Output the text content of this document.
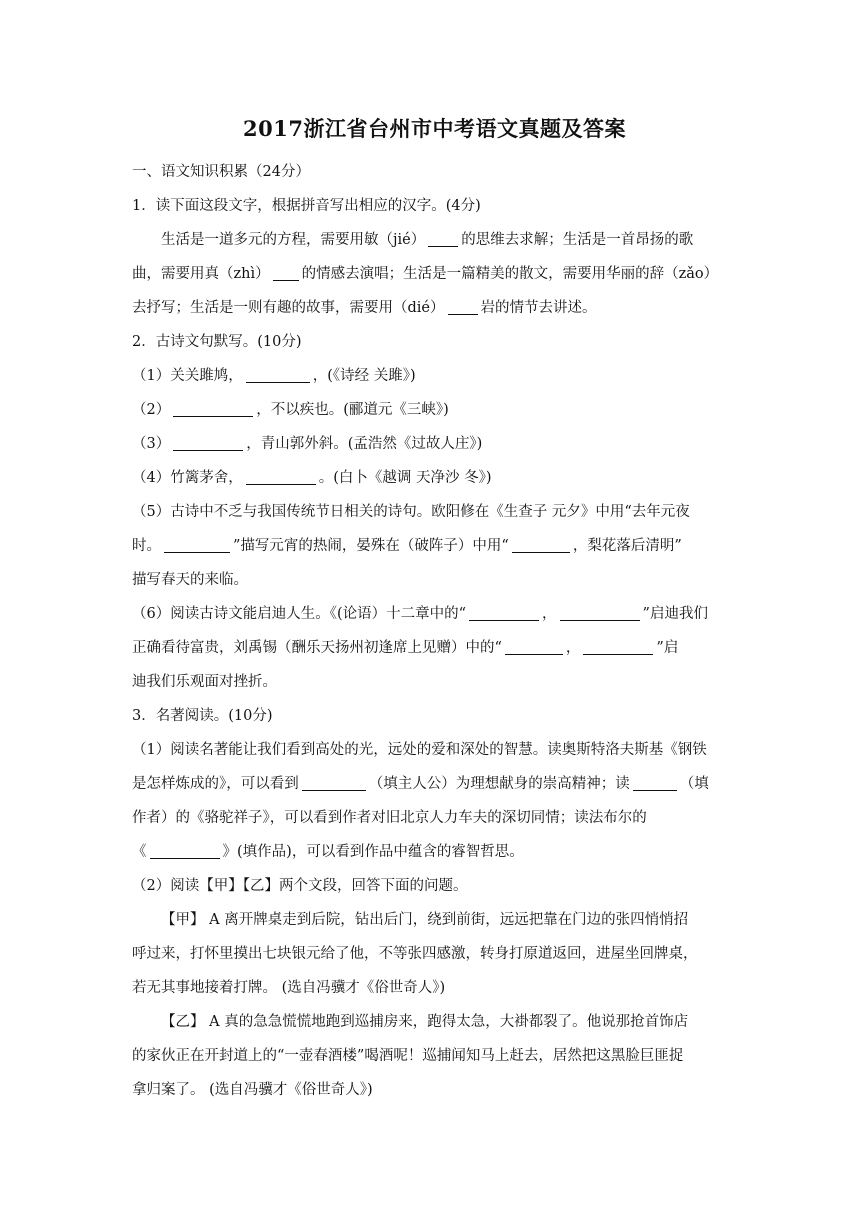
2017浙江省台州市中考语文真题及答案

一、语文知识积累（24分）

1．读下面这段文字，根据拼音写出相应的汉字。(4分)

生活是一道多元的方程，需要用敏（jié） 的思维去求解；生活是一首昂扬的歌

曲，需要用真（zhì） 的情感去演唱；生活是一篇精美的散文，需要用华丽的辞（zǎo）

去抒写；生活是一则有趣的故事，需要用（dié） 岩的情节去讲述。

2．古诗文句默写。(10分)

（1）关关雎鸠，	，(《诗经 关雎》)

（2）	，不以疾也。(郦道元《三峡》)

（3）	，青山郭外斜。(孟浩然《过故人庄》)

（4）竹篱茅舍，	。(白卜《越调 天净沙 冬》)

（5）古诗中不乏与我国传统节日相关的诗句。欧阳修在《生查子 元夕》中用“去年元夜

时。	”描写元宵的热闹，晏殊在（破阵子）中用“	，梨花落后清明”

描写春天的来临。

（6）阅读古诗文能启迪人生。《(论语）十二章中的“	，	”启迪我们

正确看待富贵，刘禹锡（酬乐天扬州初逢席上见赠）中的“	，	”启

迪我们乐观面对挫折。

3．名著阅读。(10分)

（1）阅读名著能让我们看到高处的光，远处的爱和深处的智慧。读奥斯特洛夫斯基《钢铁

是怎样炼成的》，可以看到	（填主人公）为理想献身的崇高精神；读	（填

作者）的《骆驼祥子》，可以看到作者对旧北京人力车夫的深切同情；读法布尔的

《	》(填作品)，可以看到作品中蕴含的睿智哲思。

（2）阅读【甲】【乙】两个文段，回答下面的问题。

【甲】 A 离开牌桌走到后院，钻出后门，绕到前街，远远把靠在门边的张四悄悄招

呼过来，打怀里摸出七块银元给了他，不等张四感激，转身打原道返回，进屋坐回牌桌，

若无其事地接着打牌。 (选自冯骥才《俗世奇人》)

【乙】 A 真的急急慌慌地跑到巡捕房来，跑得太急，大褂都裂了。他说那抢首饰店

的家伙正在开封道上的“一壶春酒楼”喝酒呢！巡捕闻知马上赶去，居然把这黑脸巨匪捉

拿归案了。 (选自冯骥才《俗世奇人》)
